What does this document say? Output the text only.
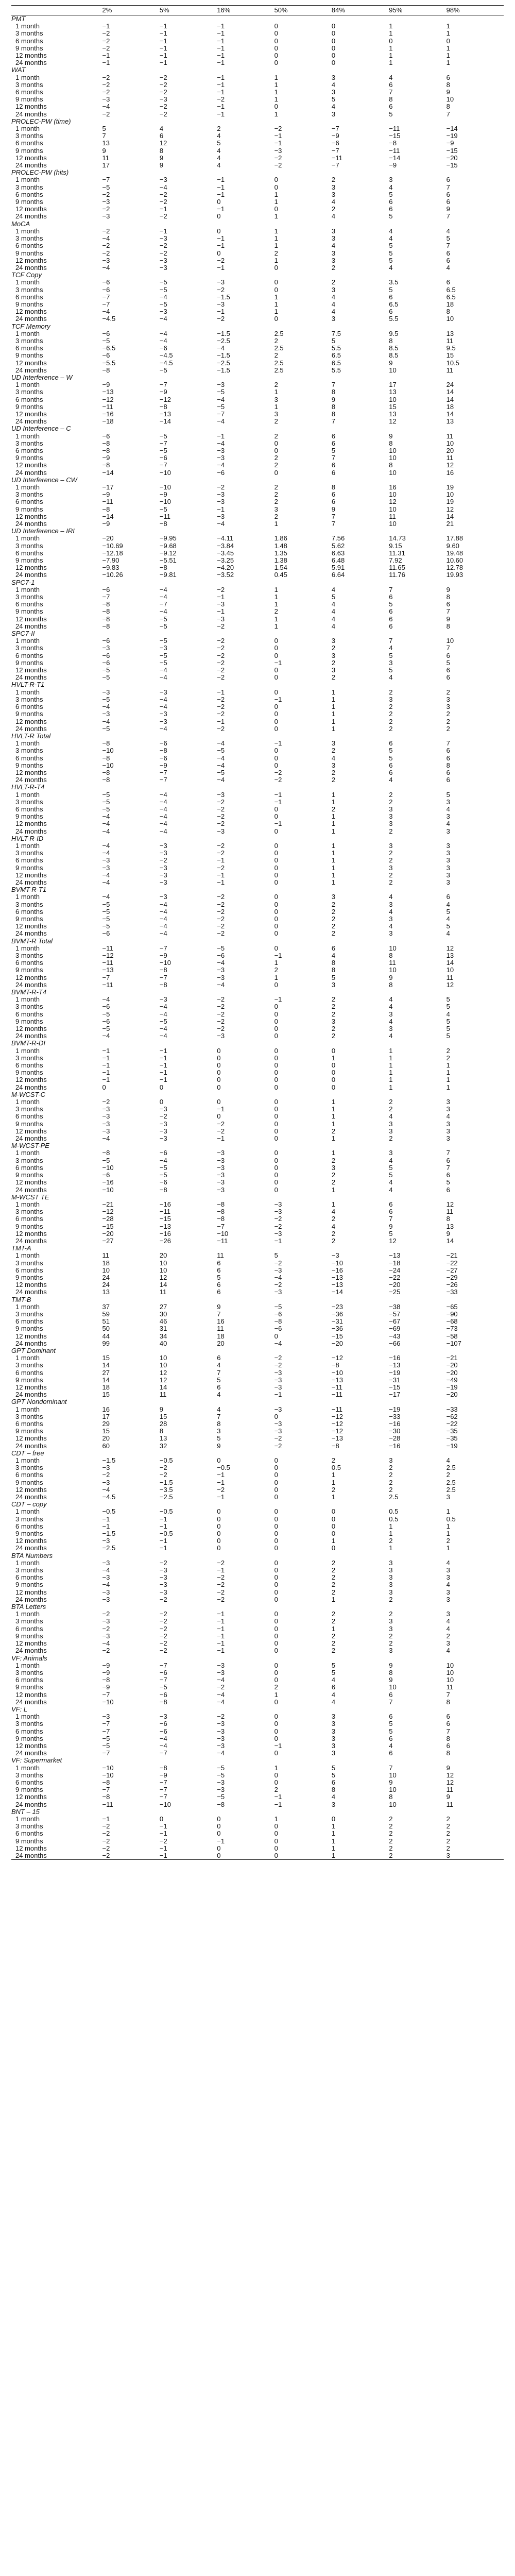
	2%	5%	16%	50%	84%	95%	98%
PMT							
1 month	−1	−1	−1	0	0	1	1
3 months	−2	−1	−1	0	0	1	1
6 months	−2	−1	−1	0	0	0	0
9 months	−2	−1	−1	0	0	1	1
12 months	−1	−1	−1	0	0	1	1
24 months	−1	−1	−1	0	0	1	1
WAT							
1 month	−2	−2	−1	1	3	4	6
3 months	−2	−2	−1	1	4	6	8
6 months	−2	−2	−1	1	3	7	9
9 months	−3	−3	−2	1	5	8	10
12 months	−4	−2	−1	0	4	6	8
24 months	−2	−2	−1	1	3	5	7
PROLEC-PW (time)							
1 month	5	4	2	−2	−7	−11	−14
3 months	7	6	4	−1	−9	−15	−19
6 months	13	12	5	−1	−6	−8	−9
9 months	9	8	4	−3	−7	−11	−15
12 months	11	9	4	−2	−11	−14	−20
24 months	17	9	4	−2	−7	−9	−15
PROLEC-PW (hits)							
1 month	−7	−3	−1	0	2	3	6
3 months	−5	−4	−1	0	3	4	7
6 months	−2	−2	−1	1	3	5	6
9 months	−3	−2	0	1	4	6	6
12 months	−2	−1	−1	0	2	6	9
24 months	−3	−2	0	1	4	5	7
MoCA							
1 month	−2	−1	0	1	3	4	4
3 months	−4	−3	−1	1	3	4	5
6 months	−2	−2	−1	1	4	5	7
9 months	−2	−2	0	2	3	5	6
12 months	−3	−3	−2	1	3	5	6
24 months	−4	−3	−1	0	2	4	4
TCF Copy							
1 month	−6	−5	−3	0	2	3.5	6
3 months	−6	−5	−2	0	3	5	6.5
6 months	−7	−4	−1.5	1	4	6	6.5
9 months	−7	−5	−3	1	4	6.5	18
12 months	−4	−3	−1	1	4	6	8
24 months	−4.5	−4	−2	0	3	5.5	10
TCF Memory							
1 month	−6	−4	−1.5	2.5	7.5	9.5	13
3 months	−5	−4	−2.5	2	5	8	11
6 months	−6.5	−6	−4	2.5	5.5	8.5	9.5
9 months	−6	−4.5	−1.5	2	6.5	8.5	15
12 months	−5.5	−4.5	−2.5	2.5	6.5	9	10.5
24 months	−8	−5	−1.5	2.5	5.5	10	11
UD Interference – W							
1 month	−9	−7	−3	2	7	17	24
3 months	−13	−9	−5	1	8	13	14
6 months	−12	−12	−4	3	9	10	14
9 months	−11	−8	−5	1	8	15	18
12 months	−16	−13	−7	3	8	13	14
24 months	−18	−14	−4	2	7	12	13
UD Interference – C							
1 month	−6	−5	−1	2	6	9	11
3 months	−8	−7	−4	0	6	8	10
6 months	−8	−5	−3	0	5	10	20
9 months	−9	−6	−3	2	7	10	11
12 months	−8	−7	−4	2	6	8	12
24 months	−14	−10	−6	0	6	10	16
UD Interference – CW							
1 month	−17	−10	−2	2	8	16	19
3 months	−9	−9	−3	2	6	10	10
6 months	−11	−10	−3	2	6	12	19
9 months	−8	−5	−1	3	9	10	12
12 months	−14	−11	−3	2	7	11	14
24 months	−9	−8	−4	1	7	10	21
UD Interference – IRI							
1 month	−20	−9.95	−4.11	1.86	7.56	14.73	17.88
3 months	−10.69	−9.68	−3.84	1.48	5.62	9.15	9.60
6 months	−12.18	−9.12	−3.45	1.35	6.63	11.31	19.48
9 months	−7.90	−5.51	−3.25	1.38	6.48	7.92	10.60
12 months	−9.83	−8	−4.20	1.54	5.91	11.65	12.78
24 months	−10.26	−9.81	−3.52	0.45	6.64	11.76	19.93
SPC7-1							
1 month	−6	−4	−2	1	4	7	9
3 months	−7	−4	−1	1	5	6	8
6 months	−8	−7	−3	1	4	5	6
9 months	−8	−4	−1	2	4	6	7
12 months	−8	−5	−3	1	4	6	9
24 months	−8	−5	−2	1	4	6	8
SPC7-II							
1 month	−6	−5	−2	0	3	7	10
3 months	−3	−3	−2	0	2	4	7
6 months	−6	−5	−2	0	3	5	6
9 months	−6	−5	−2	−1	2	3	5
12 months	−5	−4	−2	0	3	5	6
24 months	−5	−4	−2	0	2	4	6
HVLT-R-T1							
1 month	−3	−3	−1	0	1	2	2
3 months	−5	−4	−2	−1	1	3	3
6 months	−4	−4	−2	0	1	2	3
9 months	−3	−3	−2	0	1	2	2
12 months	−4	−3	−1	0	1	2	2
24 months	−5	−4	−2	0	1	2	2
HVLT-R Total							
1 month	−8	−6	−4	−1	3	6	7
3 months	−10	−8	−5	0	2	5	6
6 months	−8	−6	−4	0	4	5	6
9 months	−10	−9	−4	0	3	6	8
12 months	−8	−7	−5	−2	2	6	6
24 months	−8	−7	−4	−2	2	4	6
HVLT-R-T4							
1 month	−5	−4	−3	−1	1	2	5
3 months	−5	−4	−2	−1	1	2	3
6 months	−5	−4	−2	0	2	3	4
9 months	−4	−4	−2	0	1	3	3
12 months	−4	−4	−2	−1	1	3	4
24 months	−4	−4	−3	0	1	2	3
HVLT-R-ID							
1 month	−4	−3	−2	0	1	3	3
3 months	−4	−3	−2	0	1	2	3
6 months	−3	−2	−1	0	1	2	3
9 months	−3	−3	−2	0	1	3	3
12 months	−4	−3	−1	0	1	2	3
24 months	−4	−3	−1	0	1	2	3
BVMT-R-T1							
1 month	−4	−3	−2	0	3	4	6
3 months	−5	−4	−2	0	2	3	4
6 months	−5	−4	−2	0	2	4	5
9 months	−5	−4	−2	0	2	3	4
12 months	−5	−4	−2	0	2	4	5
24 months	−6	−4	−2	0	2	3	4
BVMT-R Total							
1 month	−11	−7	−5	0	6	10	12
3 months	−12	−9	−6	−1	4	8	13
6 months	−11	−10	−4	1	8	11	14
9 months	−13	−8	−3	2	8	10	10
12 months	−7	−7	−3	1	5	9	11
24 months	−11	−8	−4	0	3	8	12
BVMT-R-T4							
1 month	−4	−3	−2	−1	2	4	5
3 months	−6	−4	−2	0	2	4	5
6 months	−5	−4	−2	0	2	3	4
9 months	−6	−5	−2	0	3	4	5
12 months	−5	−4	−2	0	2	3	5
24 months	−4	−4	−3	0	2	4	5
BVMT-R-DI							
1 month	−1	−1	0	0	0	1	2
3 months	−1	−1	0	0	1	1	2
6 months	−1	−1	0	0	0	1	1
9 months	−1	−1	0	0	0	1	1
12 months	−1	−1	0	0	0	1	1
24 months	0	0	0	0	0	1	1
M-WCST-C							
1 month	−2	0	0	0	1	2	3
3 months	−3	−3	−1	0	1	2	3
6 months	−3	−2	0	0	1	4	4
9 months	−3	−3	−2	0	1	3	3
12 months	−3	−3	−2	0	2	3	3
24 months	−4	−3	−1	0	1	2	3
M-WCST-PE							
1 month	−8	−6	−3	0	1	3	7
3 months	−5	−4	−3	0	2	4	6
6 months	−10	−5	−3	0	3	5	7
9 months	−6	−5	−3	0	2	5	6
12 months	−16	−6	−3	0	2	4	5
24 months	−10	−8	−3	0	1	4	6
M-WCST TE							
1 month	−21	−16	−8	−3	1	6	12
3 months	−12	−11	−8	−3	4	6	11
6 months	−28	−15	−8	−2	2	7	8
9 months	−15	−13	−7	−2	4	9	13
12 months	−20	−16	−10	−3	2	5	9
24 months	−27	−26	−11	−1	2	12	14
TMT-A							
1 month	11	20	11	5	−3	−13	−21
3 months	18	10	6	−2	−10	−18	−22
6 months	10	10	6	−3	−16	−24	−27
9 months	24	12	5	−4	−13	−22	−29
12 months	24	14	6	−2	−13	−20	−26
24 months	13	11	6	−3	−14	−25	−33
TMT-B							
1 month	37	27	9	−5	−23	−38	−65
3 months	59	30	7	−6	−36	−57	−90
6 months	51	46	16	−8	−31	−67	−68
9 months	50	31	11	−6	−36	−69	−73
12 months	44	34	18	0	−15	−43	−58
24 months	99	40	20	−4	−20	−66	−107
GPT Dominant							
1 month	15	10	6	−2	−12	−16	−21
3 months	14	10	4	−2	−8	−13	−20
6 months	27	12	7	−3	−10	−19	−20
9 months	14	12	5	−3	−13	−31	−49
12 months	18	14	6	−3	−11	−15	−19
24 months	15	11	4	−1	−11	−17	−20
GPT Nondominant							
1 month	16	9	4	−3	−11	−19	−33
3 months	17	15	7	0	−12	−33	−62
6 months	29	28	8	−3	−12	−16	−22
9 months	15	8	3	−3	−12	−30	−35
12 months	20	13	5	−2	−13	−28	−35
24 months	60	32	9	−2	−8	−16	−19
CDT – free							
1 month	−1.5	−0.5	0	0	2	3	4
3 months	−3	−2	−0.5	0	0.5	2	2.5
6 months	−2	−2	−1	0	1	2	2
9 months	−3	−1.5	−1	0	1	2	2.5
12 months	−4	−3.5	−2	0	2	2	2.5
24 months	−4.5	−2.5	−1	0	1	2.5	3
CDT – copy							
1 month	−0.5	−0.5	0	0	0	0.5	1
3 months	−1	−1	0	0	0	0.5	0.5
6 months	−1	−1	0	0	0	1	1
9 months	−1.5	−0.5	0	0	0	1	1
12 months	−3	−1	0	0	1	2	2
24 months	−2.5	−1	0	0	0	1	1
BTA Numbers							
1 month	−3	−2	−2	0	2	3	4
3 months	−4	−3	−1	0	2	3	3
6 months	−3	−3	−2	0	2	3	3
9 months	−4	−3	−2	0	2	3	4
12 months	−3	−3	−2	0	2	3	3
24 months	−3	−2	−2	0	1	2	3
BTA Letters							
1 month	−2	−2	−1	0	2	2	3
3 months	−3	−2	−1	0	2	3	4
6 months	−2	−2	−1	0	1	3	4
9 months	−3	−2	−1	0	2	2	2
12 months	−4	−2	−1	0	2	2	3
24 months	−2	−2	−1	0	2	3	4
VF: Animals							
1 month	−9	−7	−3	0	5	9	10
3 months	−9	−6	−3	0	5	8	10
6 months	−8	−7	−4	0	4	9	10
9 months	−9	−5	−2	2	6	10	11
12 months	−7	−6	−4	1	4	6	7
24 months	−10	−8	−4	0	4	7	8
VF: L							
1 month	−3	−3	−2	0	3	6	6
3 months	−7	−6	−3	0	3	5	6
6 months	−7	−6	−3	0	3	5	7
9 months	−5	−4	−3	0	3	6	8
12 months	−5	−4	−3	−1	3	4	6
24 months	−7	−7	−4	0	3	6	8
VF: Supermarket							
1 month	−10	−8	−5	1	5	7	9
3 months	−10	−9	−5	0	5	10	12
6 months	−8	−7	−3	0	6	9	12
9 months	−7	−7	−3	2	8	10	11
12 months	−8	−7	−5	−1	4	8	9
24 months	−11	−10	−8	−1	3	10	11
BNT – 15							
1 month	−1	0	0	1	0	2	2
3 months	−2	−1	0	0	1	2	2
6 months	−2	−1	0	0	1	2	2
9 months	−2	−2	−1	0	1	2	2
12 months	−2	−1	0	0	1	2	2
24 months	−2	−1	0	0	1	2	3
